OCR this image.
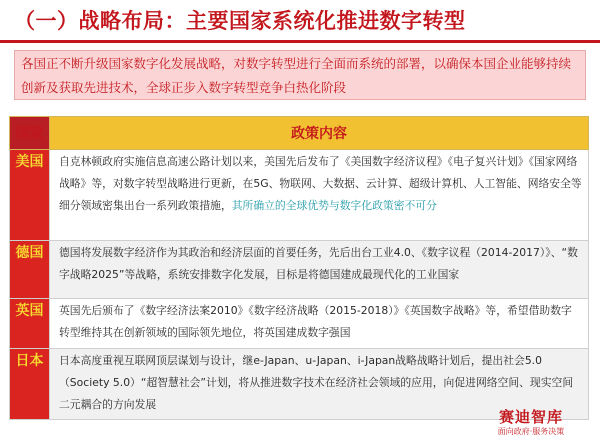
（一）战略布局：主要国家系统化推进数字转型
各国正不断升级国家数字化发展战略，对数字转型进行全面而系统的部署，以确保本国企业能够持续创新及获取先进技术，全球正步入数字转型竞争白热化阶段
国家	政策内容
美国	自克林顿政府实施信息高速公路计划以来，美国先后发布了《美国数字经济议程》《电子复兴计划》《国家网络战略》等，对数字转型战略进行更新，在5G、物联网、大数据、云计算、超级计算机、人工智能、网络安全等细分领域密集出台一系列政策措施，其所确立的全球优势与数字化政策密不可分
德国	德国将发展数字经济作为其政治和经济层面的首要任务，先后出台工业4.0、《数字议程（2014-2017）》、“数字战略2025”等战略，系统安排数字化发展，目标是将德国建成最现代化的工业国家
英国	英国先后颁布了《数字经济法案2010》《数字经济战略（2015-2018）》《英国数字战略》等，希望借助数字转型维持其在创新领域的国际领先地位，将英国建成数字强国
日本	日本高度重视互联网顶层谋划与设计，继e-Japan、u-Japan、i-Japan战略战略计划后，提出社会5.0（Society 5.0）“超智慧社会”计划，将从推进数字技术在经济社会领域的应用，向促进网络空间、现实空间二元耦合的方向发展
赛迪智库
面向政府·服务决策
